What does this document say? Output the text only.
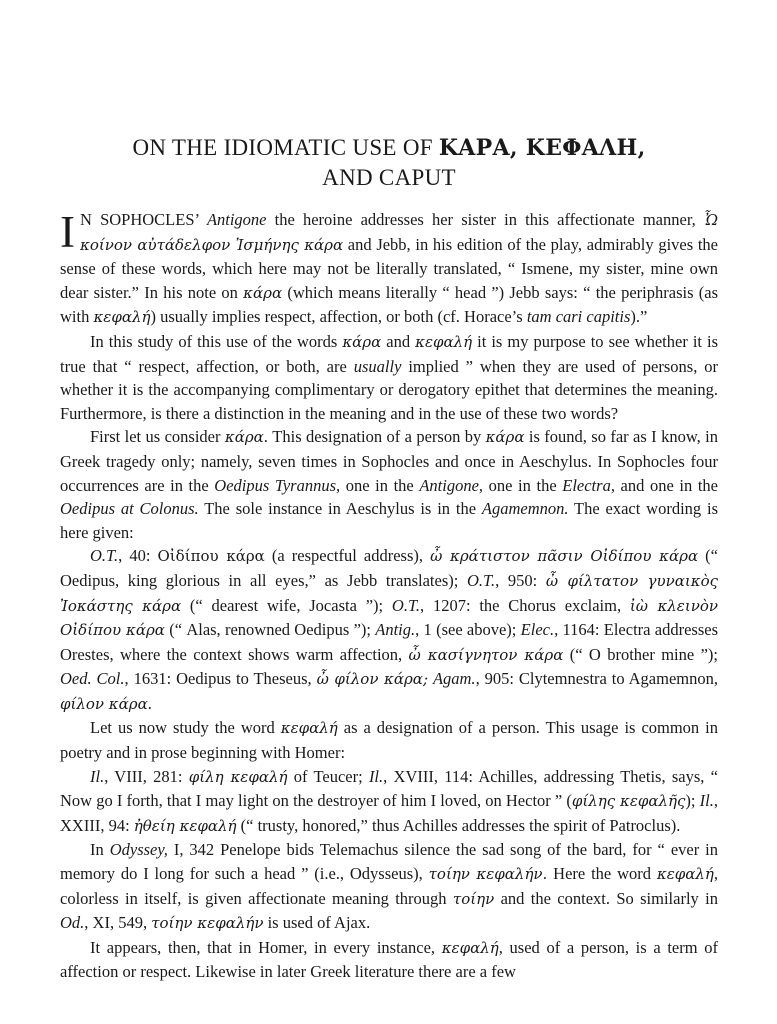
ON THE IDIOMATIC USE OF ΚΑΡΑ, ΚΕΦΑΛΗ,
AND CAPUT

I N SOPHOCLES’ Antigone the heroine addresses her sister in this affectionate manner, Ὦ κοίνον αὐτάδελφον Ἰσμήνης κάρα and Jebb, in his edition of the play, admirably gives the sense of these words, which here may not be literally translated, “ Ismene, my sister, mine own dear sister.” In his note on κάρα (which means literally “ head ”) Jebb says: “ the periphrasis (as with κεφαλή) usually implies respect, affection, or both (cf. Horace’s tam cari capitis).”

In this study of this use of the words κάρα and κεφαλή it is my purpose to see whether it is true that “ respect, affection, or both, are usually implied ” when they are used of persons, or whether it is the accompanying complimentary or derogatory epithet that determines the meaning. Furthermore, is there a distinction in the meaning and in the use of these two words?

First let us consider κάρα. This designation of a person by κάρα is found, so far as I know, in Greek tragedy only; namely, seven times in Sophocles and once in Aeschylus. In Sophocles four occurrences are in the Oedipus Tyrannus, one in the Antigone, one in the Electra, and one in the Oedipus at Colonus. The sole instance in Aeschylus is in the Agamemnon. The exact wording is here given:

O.T., 40: Οἰδίπου κάρα (a respectful address), ὦ κράτιστον πᾶσιν Οἰδίπου κάρα (“ Oedipus, king glorious in all eyes,” as Jebb translates); O.T., 950: ὦ φίλτατον γυναικὸς Ἰοκάστης κάρα (“ dearest wife, Jocasta ”); O.T., 1207: the Chorus exclaim, ἰὼ κλεινὸν Οἰδίπου κάρα (“ Alas, renowned Oedipus ”); Antig., 1 (see above); Elec., 1164: Electra addresses Orestes, where the context shows warm affection, ὦ κασίγνητον κάρα (“ O brother mine ”); Oed. Col., 1631: Oedipus to Theseus, ὦ φίλον κάρα; Agam., 905: Clytemnestra to Agamemnon, φίλον κάρα.

Let us now study the word κεφαλή as a designation of a person. This usage is common in poetry and in prose beginning with Homer:

Il., VIII, 281: φίλη κεφαλή of Teucer; Il., XVIII, 114: Achilles, addressing Thetis, says, “ Now go I forth, that I may light on the destroyer of him I loved, on Hector ” (φίλης κεφαλῆς); Il., XXIII, 94: ἠθείη κεφαλή (“ trusty, honored,” thus Achilles addresses the spirit of Patroclus).

In Odyssey, I, 342 Penelope bids Telemachus silence the sad song of the bard, for “ ever in memory do I long for such a head ” (i.e., Odysseus), τοίην κεφαλήν. Here the word κεφαλή, colorless in itself, is given affectionate meaning through τοίην and the context. So similarly in Od., XI, 549, τοίην κεφαλήν is used of Ajax.

It appears, then, that in Homer, in every instance, κεφαλή, used of a person, is a term of affection or respect. Likewise in later Greek literature there are a few
